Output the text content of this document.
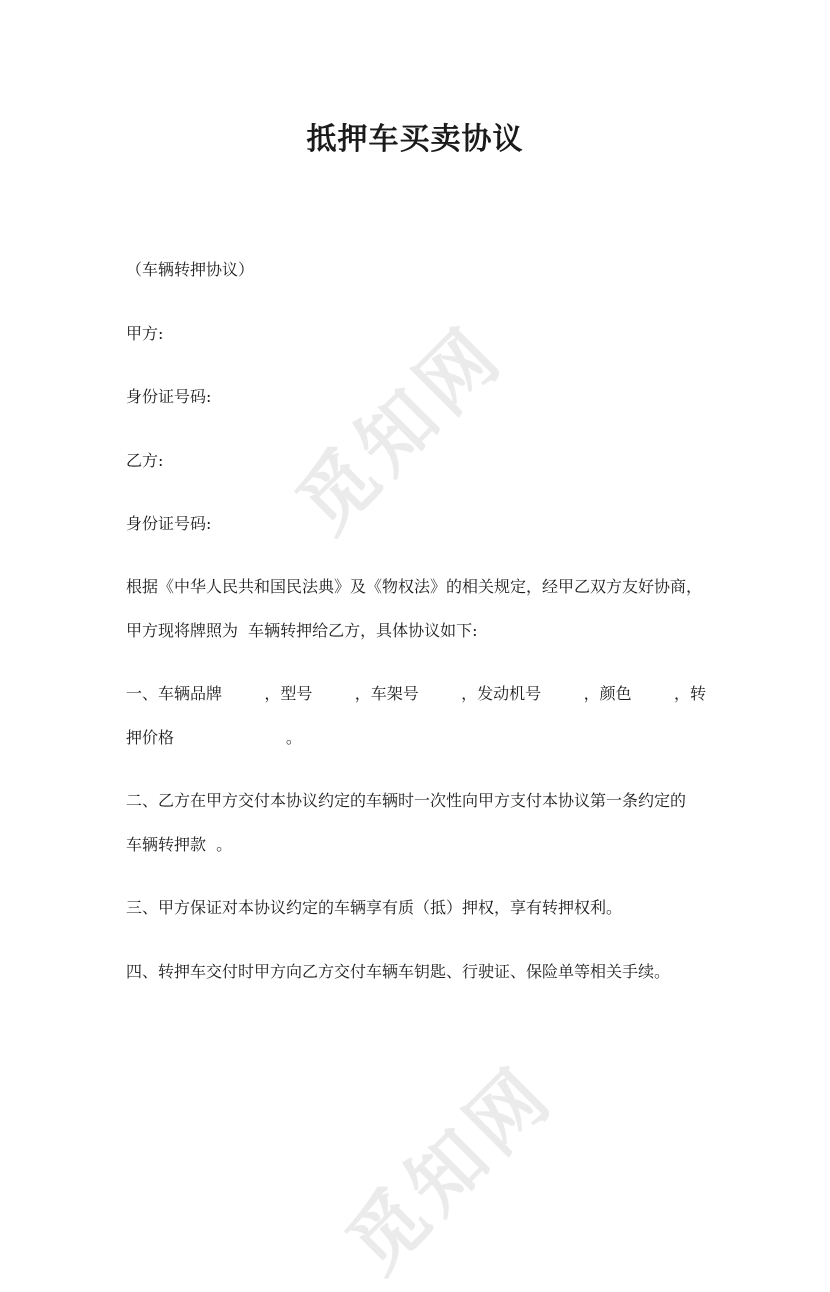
觅知网
觅知网
抵押车买卖协议
（车辆转押协议）
甲方:
身份证号码:
乙方:
身份证号码:
根据《中华人民共和国民法典》及《物权法》的相关规定，经甲乙双方友好协商，
甲方现将牌照为  车辆转押给乙方，具体协议如下:
一、车辆品牌	，型号	，车架号	，发动机号	，颜色	，转
押价格                      。
二、乙方在甲方交付本协议约定的车辆时一次性向甲方支付本协议第一条约定的
车辆转押款  。
三、甲方保证对本协议约定的车辆享有质（抵）押权，享有转押权利。
四、转押车交付时甲方向乙方交付车辆车钥匙、行驶证、保险单等相关手续。
